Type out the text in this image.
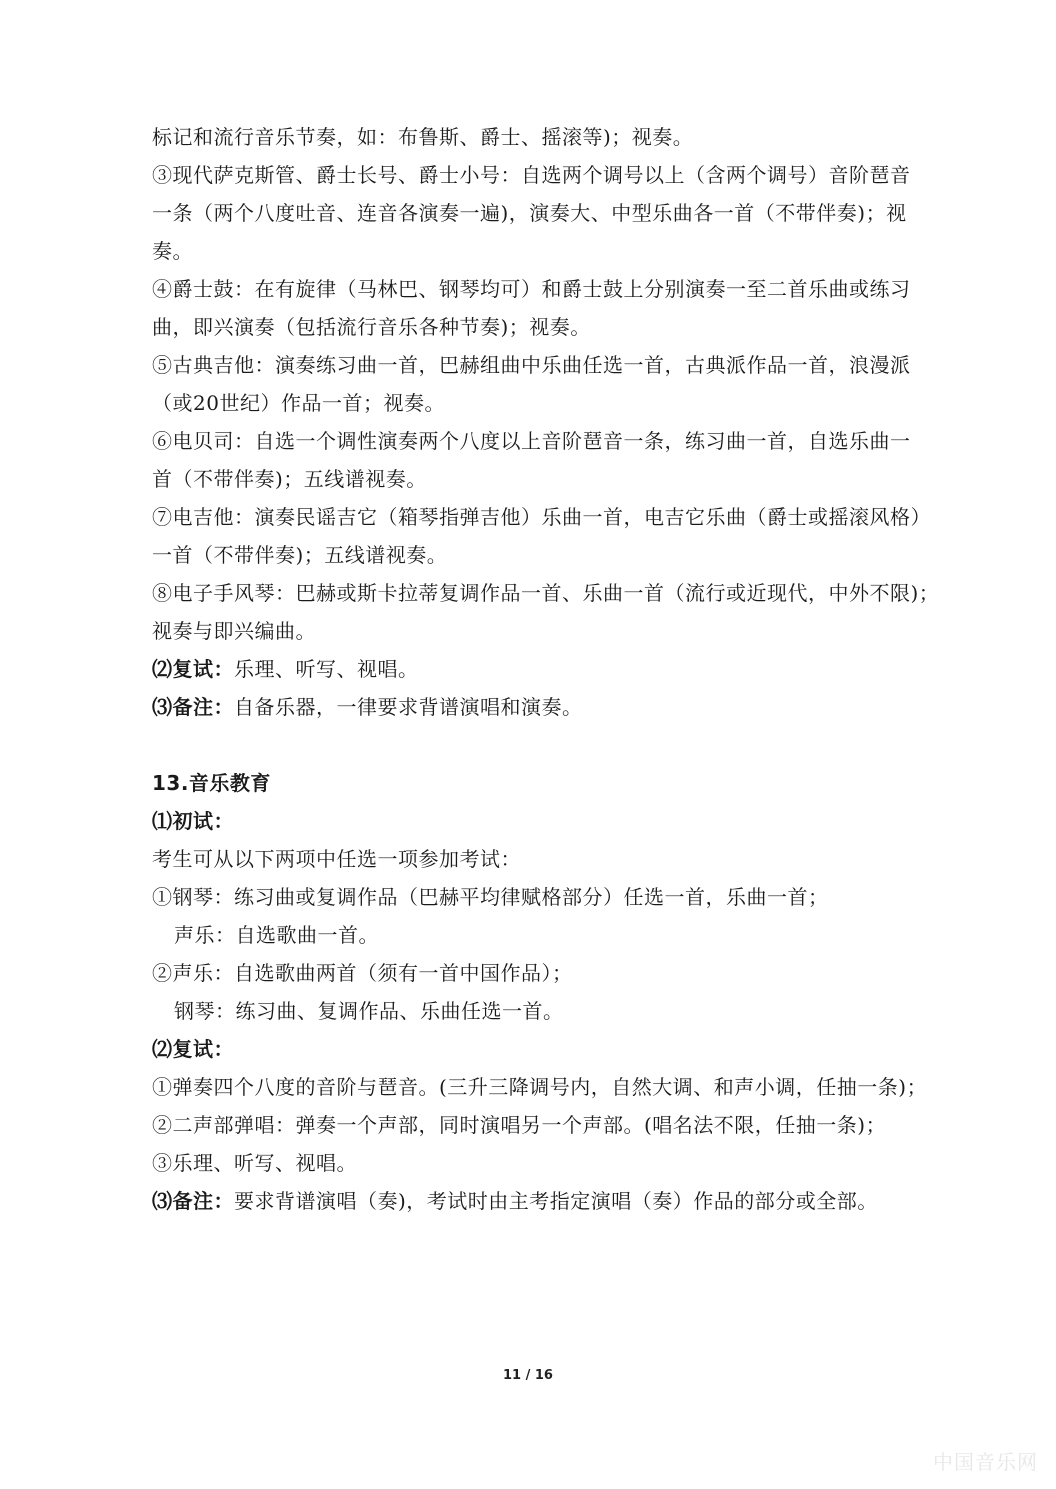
标记和流行音乐节奏，如：布鲁斯、爵士、摇滚等)；视奏。
③现代萨克斯管、爵士长号、爵士小号：自选两个调号以上（含两个调号）音阶琶音
一条（两个八度吐音、连音各演奏一遍)，演奏大、中型乐曲各一首（不带伴奏)；视
奏。
④爵士鼓：在有旋律（马林巴、钢琴均可）和爵士鼓上分别演奏一至二首乐曲或练习
曲，即兴演奏（包括流行音乐各种节奏)；视奏。
⑤古典吉他：演奏练习曲一首，巴赫组曲中乐曲任选一首，古典派作品一首，浪漫派
（或20世纪）作品一首；视奏。
⑥电贝司：自选一个调性演奏两个八度以上音阶琶音一条，练习曲一首，自选乐曲一
首（不带伴奏)；五线谱视奏。
⑦电吉他：演奏民谣吉它（箱琴指弹吉他）乐曲一首，电吉它乐曲（爵士或摇滚风格）
一首（不带伴奏)；五线谱视奏。
⑧电子手风琴：巴赫或斯卡拉蒂复调作品一首、乐曲一首（流行或近现代，中外不限)；
视奏与即兴编曲。
⑵复试：乐理、听写、视唱。
⑶备注：自备乐器，一律要求背谱演唱和演奏。
13.音乐教育
⑴初试：
考生可从以下两项中任选一项参加考试：
①钢琴：练习曲或复调作品（巴赫平均律赋格部分）任选一首，乐曲一首；
声乐：自选歌曲一首。
②声乐：自选歌曲两首（须有一首中国作品）；
钢琴：练习曲、复调作品、乐曲任选一首。
⑵复试：
①弹奏四个八度的音阶与琶音。(三升三降调号内，自然大调、和声小调，任抽一条)；
②二声部弹唱：弹奏一个声部，同时演唱另一个声部。(唱名法不限，任抽一条)；
③乐理、听写、视唱。
⑶备注：要求背谱演唱（奏)，考试时由主考指定演唱（奏）作品的部分或全部。
11 / 16
中国音乐网
